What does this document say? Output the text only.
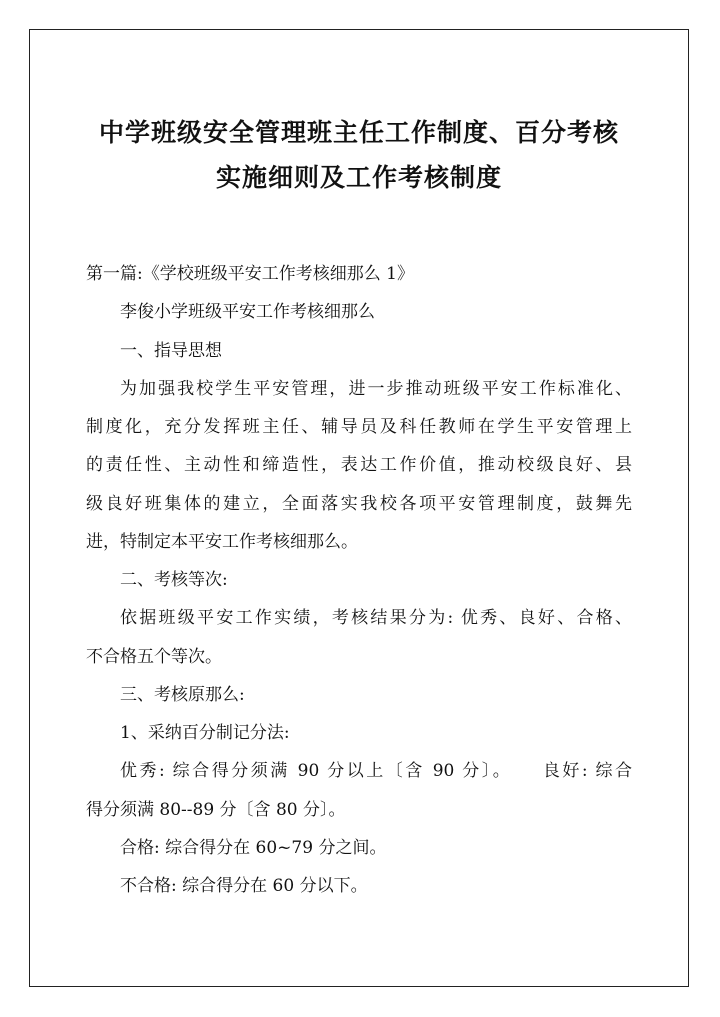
中学班级安全管理班主任工作制度、百分考核
实施细则及工作考核制度

第一篇:《学校班级平安工作考核细那么 1》

李俊小学班级平安工作考核细那么

一、指导思想

为加强我校学生平安管理，进一步推动班级平安工作标准化、

制度化，充分发挥班主任、辅导员及科任教师在学生平安管理上

的责任性、主动性和缔造性，表达工作价值，推动校级良好、县

级良好班集体的建立，全面落实我校各项平安管理制度，鼓舞先

进，特制定本平安工作考核细那么。

二、考核等次:

依据班级平安工作实绩，考核结果分为: 优秀、良好、合格、

不合格五个等次。

三、考核原那么:

1、采纳百分制记分法:

优秀: 综合得分须满 90 分以上〔含 90 分〕。　　良好: 综合

得分须满 80--89 分〔含 80 分〕。

合格: 综合得分在 60~79 分之间。

不合格: 综合得分在 60 分以下。
